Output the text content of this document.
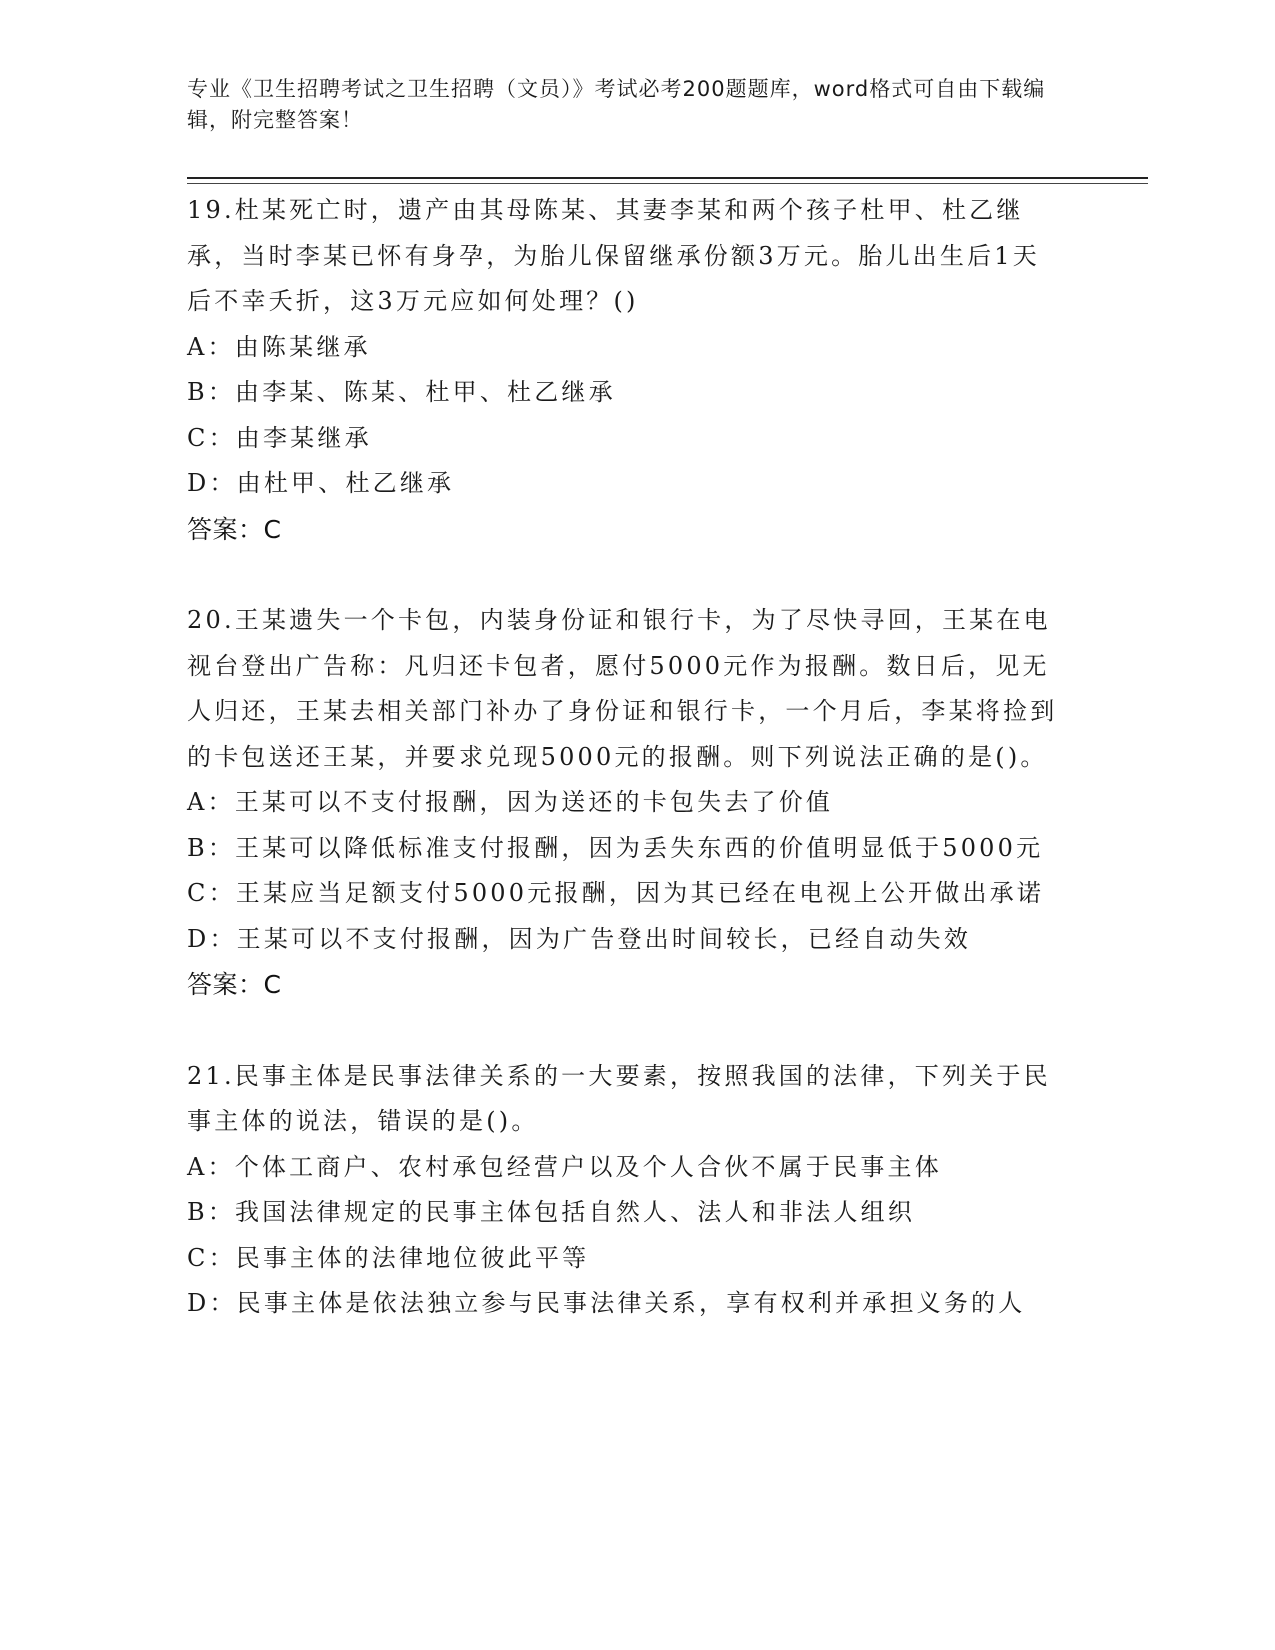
专业《卫生招聘考试之卫生招聘（文员）》考试必考200题题库，word格式可自由下载编辑，附完整答案！

19.杜某死亡时，遗产由其母陈某、其妻李某和两个孩子杜甲、杜乙继承，当时李某已怀有身孕，为胎儿保留继承份额3万元。胎儿出生后1天后不幸夭折，这3万元应如何处理？()

A：由陈某继承

B：由李某、陈某、杜甲、杜乙继承

C：由李某继承

D：由杜甲、杜乙继承

答案：C

20.王某遗失一个卡包，内装身份证和银行卡，为了尽快寻回，王某在电视台登出广告称：凡归还卡包者，愿付5000元作为报酬。数日后，见无人归还，王某去相关部门补办了身份证和银行卡，一个月后，李某将捡到的卡包送还王某，并要求兑现5000元的报酬。则下列说法正确的是()。

A：王某可以不支付报酬，因为送还的卡包失去了价值

B：王某可以降低标准支付报酬，因为丢失东西的价值明显低于5000元

C：王某应当足额支付5000元报酬，因为其已经在电视上公开做出承诺

D：王某可以不支付报酬，因为广告登出时间较长，已经自动失效

答案：C

21.民事主体是民事法律关系的一大要素，按照我国的法律，下列关于民事主体的说法，错误的是()。

A：个体工商户、农村承包经营户以及个人合伙不属于民事主体

B：我国法律规定的民事主体包括自然人、法人和非法人组织

C：民事主体的法律地位彼此平等

D：民事主体是依法独立参与民事法律关系，享有权利并承担义务的人
